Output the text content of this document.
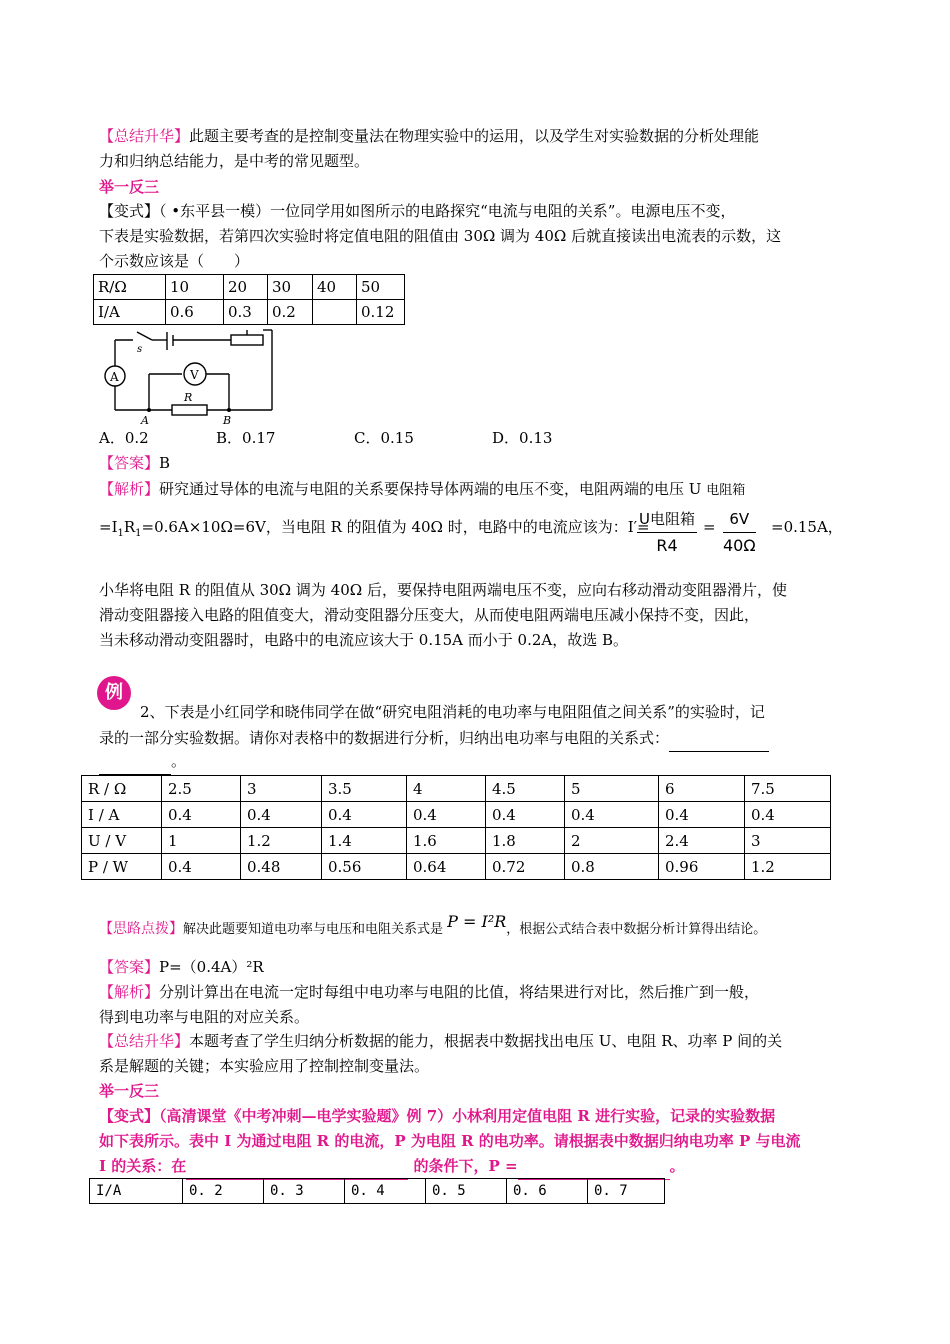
【总结升华】此题主要考查的是控制变量法在物理实验中的运用，以及学生对实验数据的分析处理能
力和归纳总结能力，是中考的常见题型。
举一反三
【变式】（ •东平县一模）一位同学用如图所示的电路探究“电流与电阻的关系”。电源电压不变，
下表是实验数据，若第四次实验时将定值电阻的阻值由 30Ω 调为 40Ω 后就直接读出电流表的示数，这
个示数应该是（　　）
R/Ω	10	20	30	40	50
I/A	0.6	0.3	0.2		0.12
s
A	V
R
A	B
A．0.2	B．0.17	C．0.15	D．0.13
【答案】B
【解析】研究通过导体的电流与电阻的关系要保持导体两端的电压不变，电阻两端的电压 U 电阻箱
$=I_1R_1=0.6A\times 10\Omega=6V$，当电阻 R 的阻值为 40Ω 时，电路中的电流应该为：I′=
U电阻箱
R4
= $\frac{6V}{40\Omega} =0.15A$，
小华将电阻 R 的阻值从 30Ω 调为 40Ω 后，要保持电阻两端电压不变，应向右移动滑动变阻器滑片，使
滑动变阻器接入电路的阻值变大，滑动变阻器分压变大，从而使电阻两端电压减小保持不变，因此，
当未移动滑动变阻器时，电路中的电流应该大于 0.15A 而小于 0.2A，故选 B。
例
2、下表是小红同学和晓伟同学在做“研究电阻消耗的电功率与电阻阻值之间关系”的实验时，记
录的一部分实验数据。请你对表格中的数据进行分析，归纳出电功率与电阻的关系式：
。
R / Ω	2.5	3	3.5	4	4.5	5	6	7.5
I / A	0.4	0.4	0.4	0.4	0.4	0.4	0.4	0.4
U / V	1	1.2	1.4	1.6	1.8	2	2.4	3
P / W	0.4	0.48	0.56	0.64	0.72	0.8	0.96	1.2
【思路点拨】解决此题要知道电功率与电压和电阻关系式是 P = I²R，根据公式结合表中数据分析计算得出结论。
【答案】P=（0.4A）²R
【解析】分别计算出在电流一定时每组中电功率与电阻的比值，将结果进行对比，然后推广到一般，
得到电功率与电阻的对应关系。
【总结升华】本题考查了学生归纳分析数据的能力，根据表中数据找出电压 U、电阻 R、功率 P 间的关
系是解题的关键；本实验应用了控制控制变量法。
举一反三
【变式】（高清课堂《中考冲刺—电学实验题》例 7）小林利用定值电阻 R 进行实验，记录的实验数据
如下表所示。表中 I 为通过电阻 R 的电流，P 为电阻 R 的电功率。请根据表中数据归纳电功率 P 与电流
I 的关系：在	的条件下，P =	。
I/A	0. 2	0. 3	0. 4	0. 5	0. 6	0. 7
